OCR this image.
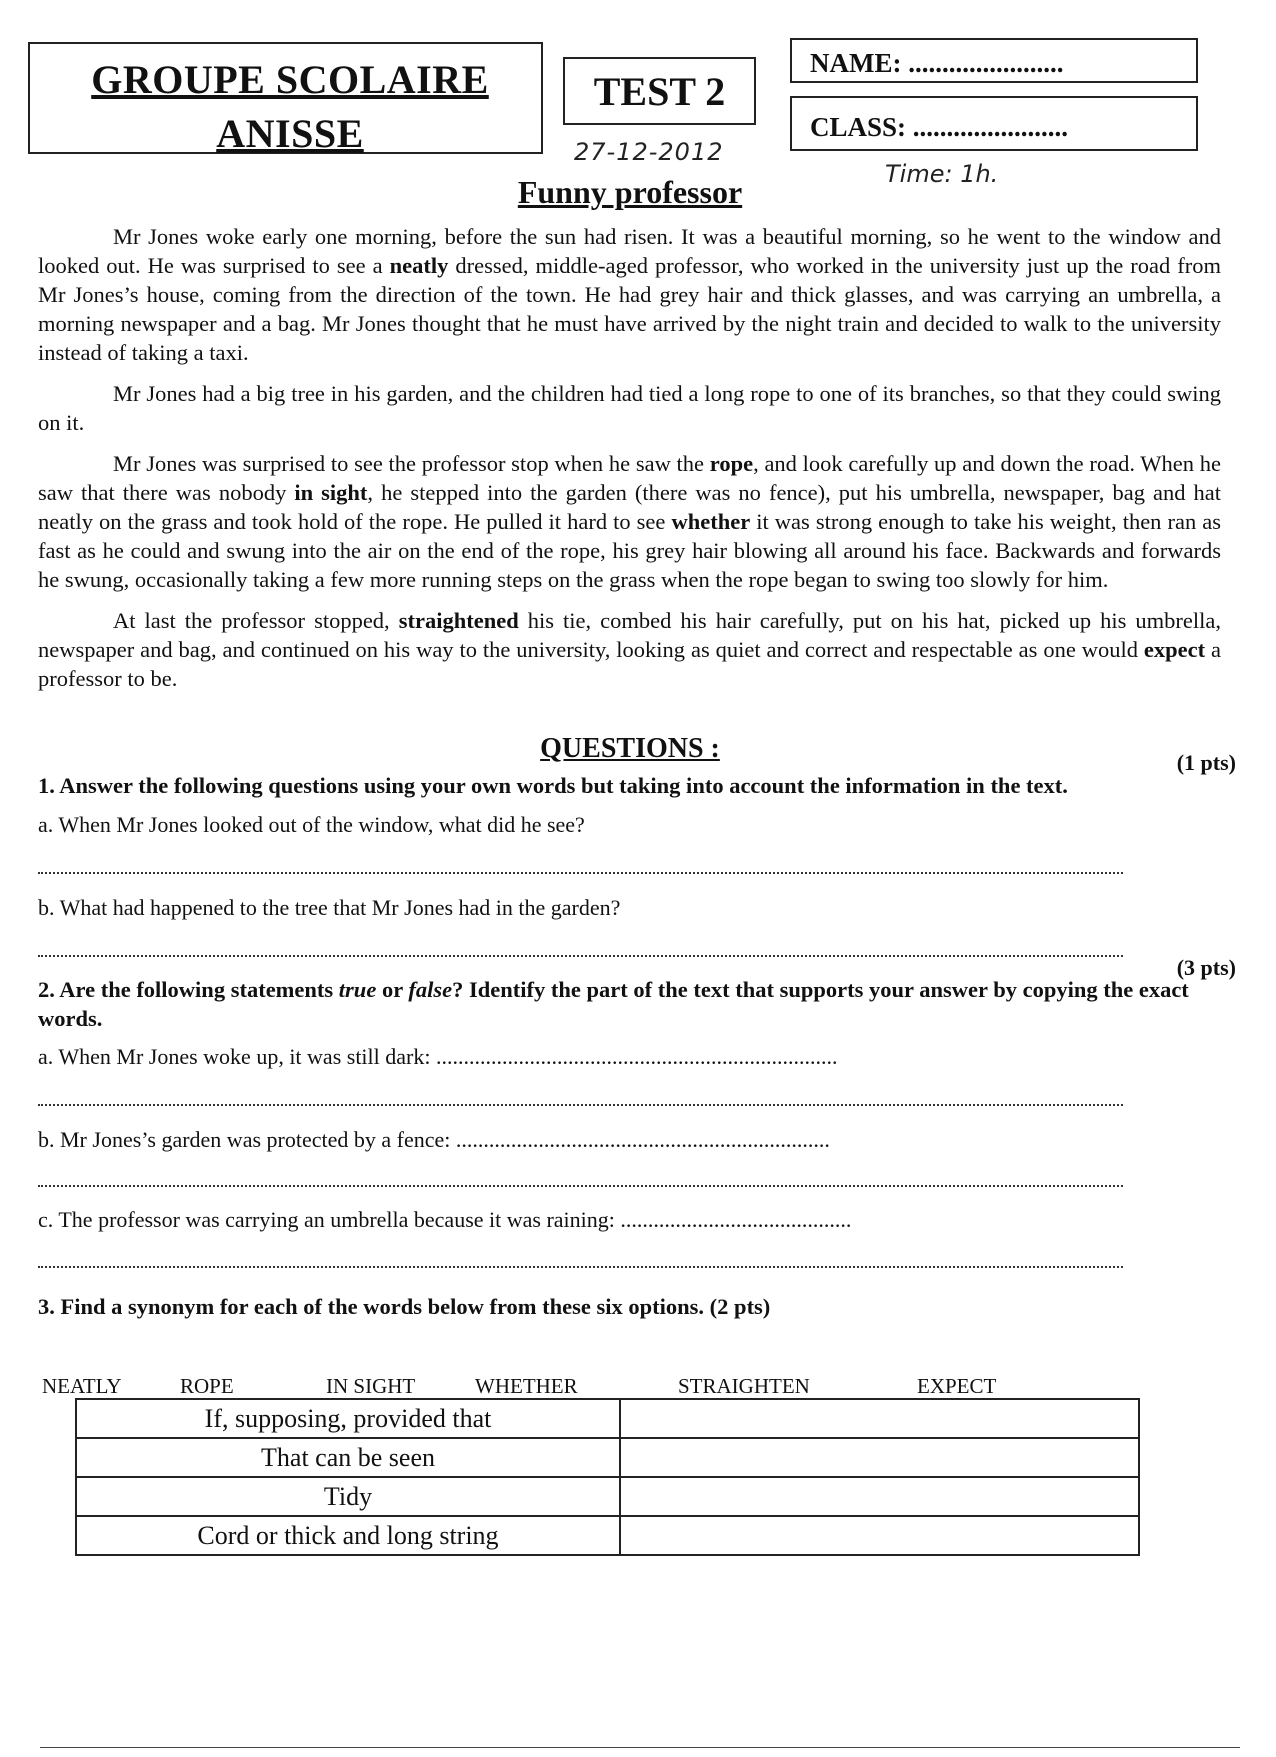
GROUPE SCOLAIRE
ANISSE
TEST 2
NAME: .......................
CLASS: .......................
27-12-2012
Time: 1h.
Funny professor

Mr Jones woke early one morning, before the sun had risen. It was a beautiful morning, so he went to the window and looked out. He was surprised to see a neatly dressed, middle-aged professor, who worked in the university just up the road from Mr Jones’s house, coming from the direction of the town. He had grey hair and thick glasses, and was carrying an umbrella, a morning newspaper and a bag. Mr Jones thought that he must have arrived by the night train and decided to walk to the university instead of taking a taxi.

Mr Jones had a big tree in his garden, and the children had tied a long rope to one of its branches, so that they could swing on it.

Mr Jones was surprised to see the professor stop when he saw the rope, and look carefully up and down the road. When he saw that there was nobody in sight, he stepped into the garden (there was no fence), put his umbrella, newspaper, bag and hat neatly on the grass and took hold of the rope. He pulled it hard to see whether it was strong enough to take his weight, then ran as fast as he could and swung into the air on the end of the rope, his grey hair blowing all around his face. Backwards and forwards he swung, occasionally taking a few more running steps on the grass when the rope began to swing too slowly for him.

At last the professor stopped, straightened his tie, combed his hair carefully, put on his hat, picked up his umbrella, newspaper and bag, and continued on his way to the university, looking as quiet and correct and respectable as one would expect a professor to be.

QUESTIONS :	(1 pts)
1. Answer the following questions using your own words but taking into account the information in the text.
a. When Mr Jones looked out of the window, what did he see?
b. What had happened to the tree that Mr Jones had in the garden?
(3 pts)
2. Are the following statements true or false? Identify the part of the text that supports your answer by copying the exact words.
a. When Mr Jones woke up, it was still dark: .........................................................................
b. Mr Jones’s garden was protected by a fence: ....................................................................
c. The professor was carrying an umbrella because it was raining: ..........................................
3. Find a synonym for each of the words below from these six options. (2 pts)
NEATLY	ROPE	IN SIGHT	WHETHER	STRAIGHTEN	EXPECT
If, supposing, provided that	
That can be seen	
Tidy	
Cord or thick and long string	
